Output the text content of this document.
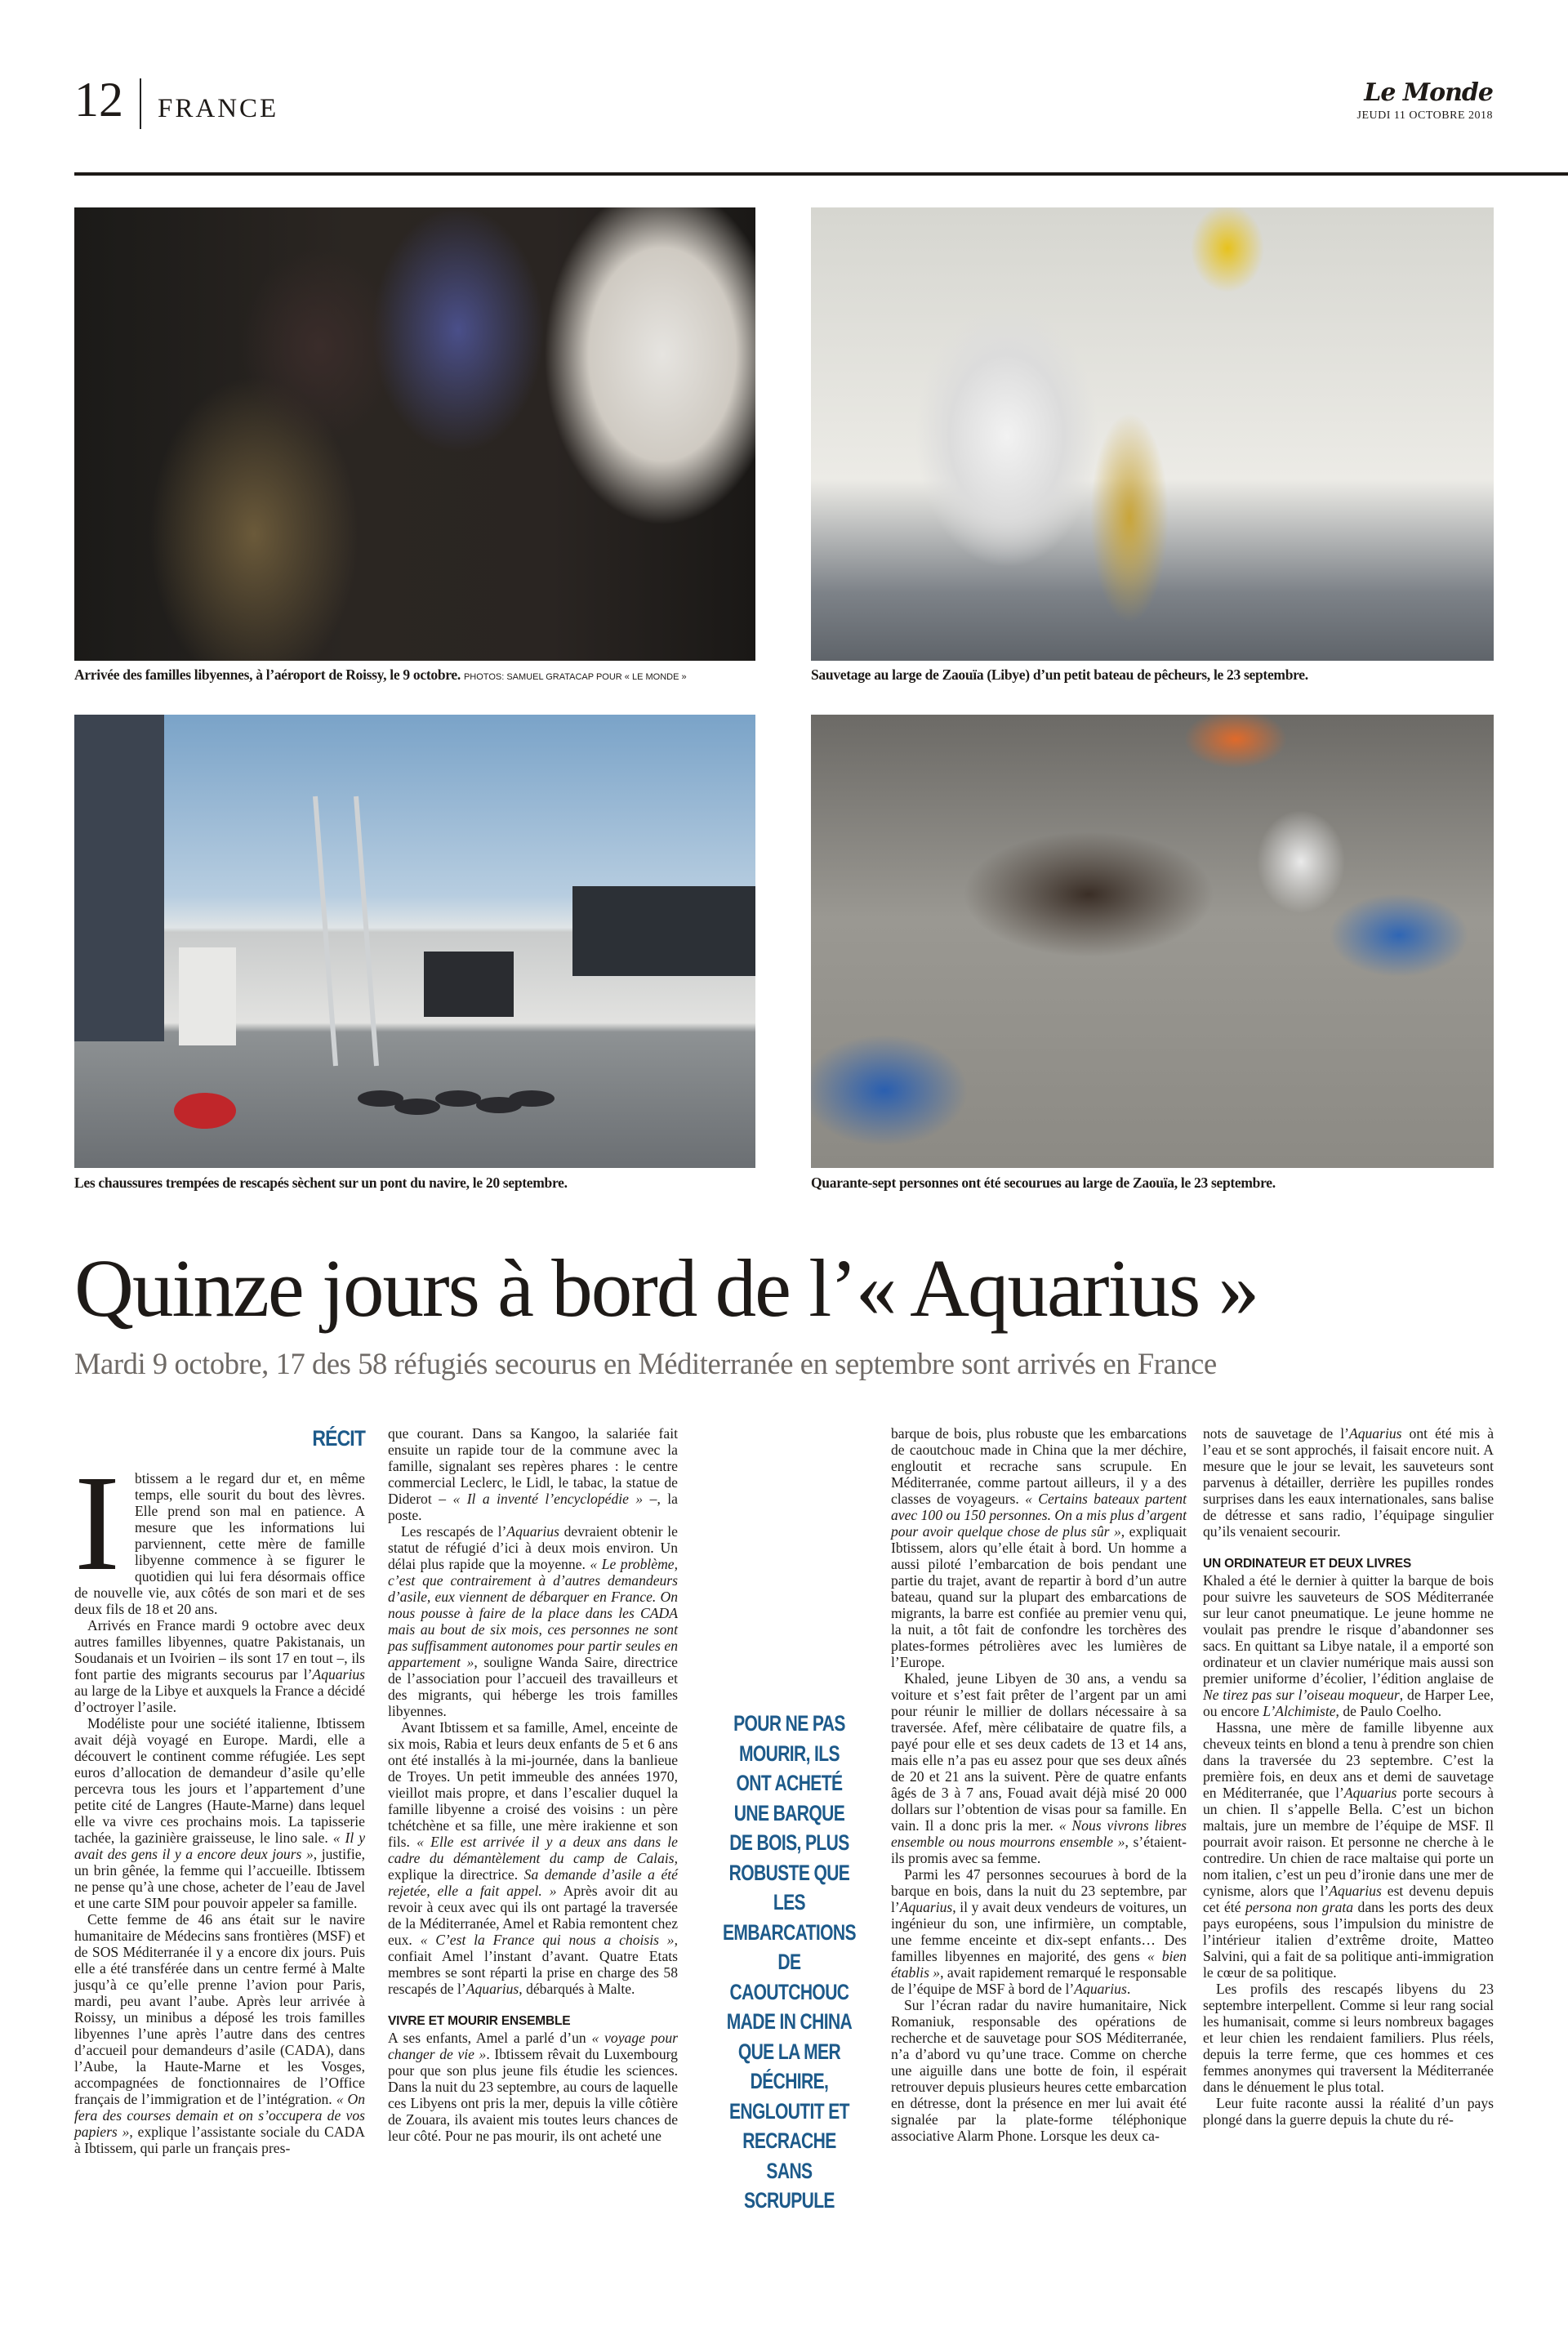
12 FRANCE
Le Monde
JEUDI 11 OCTOBRE 2018
Arrivée des familles libyennes, à l’aéroport de Roissy, le 9 octobre. PHOTOS: SAMUEL GRATACAP POUR « LE MONDE »	Sauvetage au large de Zaouïa (Libye) d’un petit bateau de pêcheurs, le 23 septembre.
Les chaussures trempées de rescapés sèchent sur un pont du navire, le 20 septembre.	Quarante-sept personnes ont été secourues au large de Zaouïa, le 23 septembre.
Quinze jours à bord de l’« Aquarius »
Mardi 9 octobre, 17 des 58 réfugiés secourus en Méditerranée en septembre sont arrivés en France
RÉCIT

I btissem a le regard dur et, en même temps, elle sourit du bout des lèvres. Elle prend son mal en patience. A mesure que les informations lui parviennent, cette mère de famille libyenne commence à se figurer le quotidien qui lui fera désormais office de nouvelle vie, aux côtés de son mari et de ses deux fils de 18 et 20 ans.

Arrivés en France mardi 9 octobre avec deux autres familles libyennes, quatre Pakistanais, un Soudanais et un Ivoirien – ils sont 17 en tout –, ils font partie des migrants secourus par l’Aquarius au large de la Libye et auxquels la France a décidé d’octroyer l’asile.

Modéliste pour une société italienne, Ibtissem avait déjà voyagé en Europe. Mardi, elle a découvert le continent comme réfugiée. Les sept euros d’allocation de demandeur d’asile qu’elle percevra tous les jours et l’appartement d’une petite cité de Langres (Haute-Marne) dans lequel elle va vivre ces prochains mois. La tapisserie tachée, la gazinière graisseuse, le lino sale. « Il y avait des gens il y a encore deux jours », justifie, un brin gênée, la femme qui l’accueille. Ibtissem ne pense qu’à une chose, acheter de l’eau de Javel et une carte SIM pour pouvoir appeler sa famille.

Cette femme de 46 ans était sur le navire humanitaire de Médecins sans frontières (MSF) et de SOS Méditerranée il y a encore dix jours. Puis elle a été transférée dans un centre fermé à Malte jusqu’à ce qu’elle prenne l’avion pour Paris, mardi, peu avant l’aube. Après leur arrivée à Roissy, un minibus a déposé les trois familles libyennes l’une après l’autre dans des centres d’accueil pour demandeurs d’asile (CADA), dans l’Aube, la Haute-Marne et les Vosges, accompagnées de fonctionnaires de l’Office français de l’immigration et de l’intégration. « On fera des courses demain et on s’occupera de vos papiers », explique l’assistante sociale du CADA à Ibtissem, qui parle un français pres-

que courant. Dans sa Kangoo, la salariée fait ensuite un rapide tour de la commune avec la famille, signalant ses repères phares : le centre commercial Leclerc, le Lidl, le tabac, la statue de Diderot – « Il a inventé l’encyclopédie » –, la poste.

Les rescapés de l’Aquarius devraient obtenir le statut de réfugié d’ici à deux mois environ. Un délai plus rapide que la moyenne. « Le problème, c’est que contrairement à d’autres demandeurs d’asile, eux viennent de débarquer en France. On nous pousse à faire de la place dans les CADA mais au bout de six mois, ces personnes ne sont pas suffisamment autonomes pour partir seules en appartement », souligne Wanda Saire, directrice de l’association pour l’accueil des travailleurs et des migrants, qui héberge les trois familles libyennes.

Avant Ibtissem et sa famille, Amel, enceinte de six mois, Rabia et leurs deux enfants de 5 et 6 ans ont été installés à la mi-journée, dans la banlieue de Troyes. Un petit immeuble des années 1970, vieillot mais propre, et dans l’escalier duquel la famille libyenne a croisé des voisins : un père tchétchène et sa fille, une mère irakienne et son fils. « Elle est arrivée il y a deux ans dans le cadre du démantèlement du camp de Calais, explique la directrice. Sa demande d’asile a été rejetée, elle a fait appel. » Après avoir dit au revoir à ceux avec qui ils ont partagé la traversée de la Méditerranée, Amel et Rabia remontent chez eux. « C’est la France qui nous a choisis », confiait Amel l’instant d’avant. Quatre Etats membres se sont réparti la prise en charge des 58 rescapés de l’Aquarius, débarqués à Malte.

VIVRE ET MOURIR ENSEMBLE

A ses enfants, Amel a parlé d’un « voyage pour changer de vie ». Ibtissem rêvait du Luxembourg pour que son plus jeune fils étudie les sciences. Dans la nuit du 23 septembre, au cours de laquelle ces Libyens ont pris la mer, depuis la ville côtière de Zouara, ils avaient mis toutes leurs chances de leur côté. Pour ne pas mourir, ils ont acheté une

POUR NE PAS MOURIR, ILS ONT ACHETÉ UNE BARQUE DE BOIS, PLUS ROBUSTE QUE LES EMBARCATIONS DE CAOUTCHOUC MADE IN CHINA QUE LA MER DÉCHIRE, ENGLOUTIT ET RECRACHE SANS SCRUPULE

barque de bois, plus robuste que les embarcations de caoutchouc made in China que la mer déchire, engloutit et recrache sans scrupule. En Méditerranée, comme partout ailleurs, il y a des classes de voyageurs. « Certains bateaux partent avec 100 ou 150 personnes. On a mis plus d’argent pour avoir quelque chose de plus sûr », expliquait Ibtissem, alors qu’elle était à bord. Un homme a aussi piloté l’embarcation de bois pendant une partie du trajet, avant de repartir à bord d’un autre bateau, quand sur la plupart des embarcations de migrants, la barre est confiée au premier venu qui, la nuit, a tôt fait de confondre les torchères des plates-formes pétrolières avec les lumières de l’Europe.

Khaled, jeune Libyen de 30 ans, a vendu sa voiture et s’est fait prêter de l’argent par un ami pour réunir le millier de dollars nécessaire à sa traversée. Afef, mère célibataire de quatre fils, a payé pour elle et ses deux cadets de 13 et 14 ans, mais elle n’a pas eu assez pour que ses deux aînés de 20 et 21 ans la suivent. Père de quatre enfants âgés de 3 à 7 ans, Fouad avait déjà misé 20 000 dollars sur l’obtention de visas pour sa famille. En vain. Il a donc pris la mer. « Nous vivrons libres ensemble ou nous mourrons ensemble », s’étaient-ils promis avec sa femme.

Parmi les 47 personnes secourues à bord de la barque en bois, dans la nuit du 23 septembre, par l’Aquarius, il y avait deux vendeurs de voitures, un ingénieur du son, une infirmière, un comptable, une femme enceinte et dix-sept enfants… Des familles libyennes en majorité, des gens « bien établis », avait rapidement remarqué le responsable de l’équipe de MSF à bord de l’Aquarius.

Sur l’écran radar du navire humanitaire, Nick Romaniuk, responsable des opérations de recherche et de sauvetage pour SOS Méditerranée, n’a d’abord vu qu’une trace. Comme on cherche une aiguille dans une botte de foin, il espérait retrouver depuis plusieurs heures cette embarcation en détresse, dont la présence en mer lui avait été signalée par la plate-forme téléphonique associative Alarm Phone. Lorsque les deux ca-

nots de sauvetage de l’Aquarius ont été mis à l’eau et se sont approchés, il faisait encore nuit. A mesure que le jour se levait, les sauveteurs sont parvenus à détailler, derrière les pupilles rondes surprises dans les eaux internationales, sans balise de détresse et sans radio, l’équipage singulier qu’ils venaient secourir.

UN ORDINATEUR ET DEUX LIVRES

Khaled a été le dernier à quitter la barque de bois pour suivre les sauveteurs de SOS Méditerranée sur leur canot pneumatique. Le jeune homme ne voulait pas prendre le risque d’abandonner ses sacs. En quittant sa Libye natale, il a emporté son ordinateur et un clavier numérique mais aussi son premier uniforme d’écolier, l’édition anglaise de Ne tirez pas sur l’oiseau moqueur, de Harper Lee, ou encore L’Alchimiste, de Paulo Coelho.

Hassna, une mère de famille libyenne aux cheveux teints en blond a tenu à prendre son chien dans la traversée du 23 septembre. C’est la première fois, en deux ans et demi de sauvetage en Méditerranée, que l’Aquarius porte secours à un chien. Il s’appelle Bella. C’est un bichon maltais, jure un membre de l’équipe de MSF. Il pourrait avoir raison. Et personne ne cherche à le contredire. Un chien de race maltaise qui porte un nom italien, c’est un peu d’ironie dans une mer de cynisme, alors que l’Aquarius est devenu depuis cet été persona non grata dans les ports des deux pays européens, sous l’impulsion du ministre de l’intérieur italien d’extrême droite, Matteo Salvini, qui a fait de sa politique anti-immigration le cœur de sa politique.

Les profils des rescapés libyens du 23 septembre interpellent. Comme si leur rang social les humanisait, comme si leurs nombreux bagages et leur chien les rendaient familiers. Plus réels, depuis la terre ferme, que ces hommes et ces femmes anonymes qui traversent la Méditerranée dans le dénuement le plus total.

Leur fuite raconte aussi la réalité d’un pays plongé dans la guerre depuis la chute du ré-
